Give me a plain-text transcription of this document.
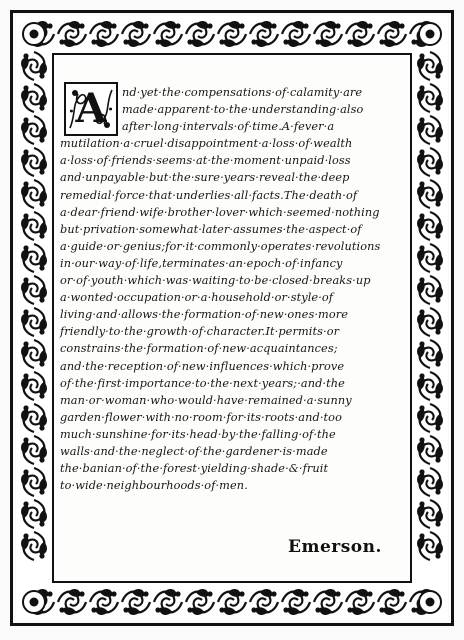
A	nd·yet·the·compensations·of·calamity·are
made·apparent·to·the·understanding·also
after·long·intervals·of·time.A·fever·a
mutilation·a·cruel·disappointment·a·loss·of·wealth
a·loss·of·friends·seems·at·the·moment·unpaid·loss
and·unpayable·but·the·sure·years·reveal·the·deep
remedial·force·that·underlies·all·facts.The·death·of
a·dear·friend·wife·brother·lover·which·seemed·nothing
but·privation·somewhat·later·assumes·the·aspect·of
a·guide·or·genius;for·it·commonly·operates·revolutions
in·our·way·of·life,terminates·an·epoch·of·infancy
or·of·youth·which·was·waiting·to·be·closed·breaks·up
a·wonted·occupation·or·a·household·or·style·of
living·and·allows·the·formation·of·new·ones·more
friendly·to·the·growth·of·character.It·permits·or
constrains·the·formation·of·new·acquaintances;
and·the·reception·of·new·influences·which·prove
of·the·first·importance·to·the·next·years;·and·the
man·or·woman·who·would·have·remained·a·sunny
garden·flower·with·no·room·for·its·roots·and·too
much·sunshine·for·its·head·by·the·falling·of·the
walls·and·the·neglect·of·the·gardener·is·made
the·banian·of·the·forest·yielding·shade·&·fruit
to·wide·neighbourhoods·of·men.
Emerson.
